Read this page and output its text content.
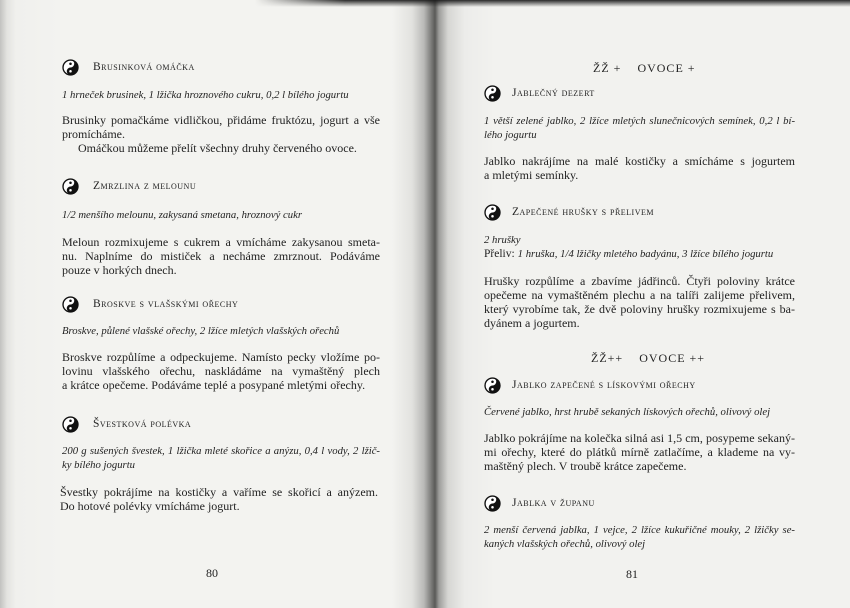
Brusinková omáčka
1 hrneček brusinek, 1 lžička hroznového cukru, 0,2 l bílého jogurtu
Brusinky pomačkáme vidličkou, přidáme fruktózu, jogurt a vše
promícháme.
Omáčkou můžeme přelít všechny druhy červeného ovoce.
Zmrzlina z melounu
1/2 menšího melounu, zakysaná smetana, hroznový cukr
Meloun rozmixujeme s cukrem a vmícháme zakysanou smeta-
nu. Naplníme do mističek a necháme zmrznout. Podáváme
pouze v horkých dnech.
Broskve s vlašskými ořechy
Broskve, půlené vlašské ořechy, 2 lžíce mletých vlašských ořechů
Broskve rozpůlíme a odpeckujeme. Namísto pecky vložíme po-
lovinu vlašského ořechu, naskládáme na vymaštěný plech
a krátce opečeme. Podáváme teplé a posypané mletými ořechy.
Švestková polévka
200 g sušených švestek, 1 lžička mleté skořice a anýzu, 0,4 l vody, 2 lžič-
ky bílého jogurtu
Švestky pokrájíme na kostičky a vaříme se skořicí a anýzem.
Do hotové polévky vmícháme jogurt.
80
ŽŽ + OVOCE +
Jablečný dezert
1 větší zelené jablko, 2 lžíce mletých slunečnicových semínek, 0,2 l bí-
lého jogurtu
Jablko nakrájíme na malé kostičky a smícháme s jogurtem
a mletými semínky.
Zapečené hrušky s přelivem
2 hrušky
Přeliv: 1 hruška, 1/4 lžičky mletého badyánu, 3 lžíce bílého jogurtu
Hrušky rozpůlíme a zbavíme jádřinců. Čtyři poloviny krátce
opečeme na vymaštěném plechu a na talíři zalijeme přelivem,
který vyrobíme tak, že dvě poloviny hrušky rozmixujeme s ba-
dyánem a jogurtem.
ŽŽ++ OVOCE ++
Jablko zapečené s lískovými ořechy
Červené jablko, hrst hrubě sekaných lískových ořechů, olivový olej
Jablko pokrájíme na kolečka silná asi 1,5 cm, posypeme sekaný-
mi ořechy, které do plátků mírně zatlačíme, a klademe na vy-
maštěný plech. V troubě krátce zapečeme.
Jablka v županu
2 menší červená jablka, 1 vejce, 2 lžíce kukuřičné mouky, 2 lžičky se-
kaných vlašských ořechů, olivový olej
81
